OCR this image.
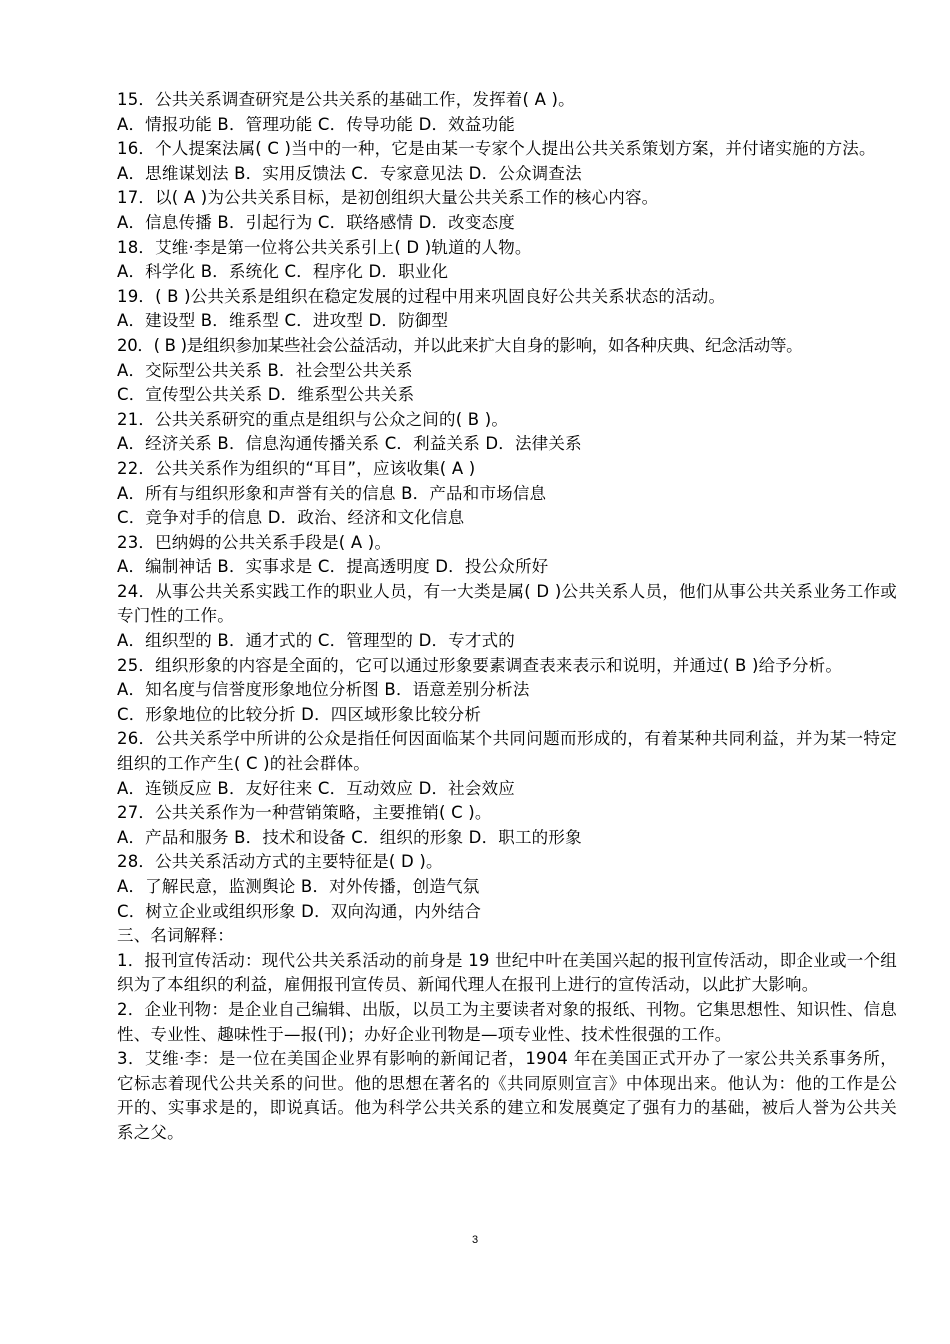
15．公共关系调查研究是公共关系的基础工作，发挥着( A )。
A．情报功能 B．管理功能 C．传导功能 D．效益功能
16．个人提案法属( C )当中的一种，它是由某一专家个人提出公共关系策划方案，并付诸实施的方法。
A．思维谋划法 B．实用反馈法 C．专家意见法 D．公众调查法
17．以( A )为公共关系目标，是初创组织大量公共关系工作的核心内容。
A．信息传播 B．引起行为 C．联络感情 D．改变态度
18．艾维·李是第一位将公共关系引上( D )轨道的人物。
A．科学化 B．系统化 C．程序化 D．职业化
19．( B )公共关系是组织在稳定发展的过程中用来巩固良好公共关系状态的活动。
A．建设型 B．维系型 C．进攻型 D．防御型
20．( B )是组织参加某些社会公益活动，并以此来扩大自身的影响，如各种庆典、纪念活动等。
A．交际型公共关系 B．社会型公共关系
C．宣传型公共关系 D．维系型公共关系
21．公共关系研究的重点是组织与公众之间的( B )。
A．经济关系 B．信息沟通传播关系 C．利益关系 D．法律关系
22．公共关系作为组织的“耳目”，应该收集( A )
A．所有与组织形象和声誉有关的信息 B．产品和市场信息
C．竞争对手的信息 D．政治、经济和文化信息
23．巴纳姆的公共关系手段是( A )。
A．编制神话 B．实事求是 C．提高透明度 D．投公众所好
24．从事公共关系实践工作的职业人员，有一大类是属( D )公共关系人员，他们从事公共关系业务工作或专门性的工作。
A．组织型的 B．通才式的 C．管理型的 D．专才式的
25．组织形象的内容是全面的，它可以通过形象要素调查表来表示和说明，并通过( B )给予分析。
A．知名度与信誉度形象地位分析图 B．语意差别分析法
C．形象地位的比较分折 D．四区域形象比较分析
26．公共关系学中所讲的公众是指任何因面临某个共同问题而形成的，有着某种共同利益，并为某一特定组织的工作产生( C )的社会群体。
A．连锁反应 B．友好往来 C．互动效应 D．社会效应
27．公共关系作为一种营销策略，主要推销( C )。
A．产品和服务 B．技术和设备 C．组织的形象 D．职工的形象
28．公共关系活动方式的主要特征是( D )。
A．了解民意，监测舆论 B．对外传播，创造气氛
C．树立企业或组织形象 D．双向沟通，内外结合
三、名词解释：
1．报刊宣传活动：现代公共关系活动的前身是 19 世纪中叶在美国兴起的报刊宣传活动，即企业或一个组织为了本组织的利益，雇佣报刊宣传员、新闻代理人在报刊上进行的宣传活动，以此扩大影响。
2．企业刊物：是企业自己编辑、出版，以员工为主要读者对象的报纸、刊物。它集思想性、知识性、信息性、专业性、趣味性于—报(刊)；办好企业刊物是—项专业性、技术性很强的工作。
3．艾维·李：是一位在美国企业界有影响的新闻记者，1904 年在美国正式开办了一家公共关系事务所，它标志着现代公共关系的问世。他的思想在著名的《共同原则宣言》中体现出来。他认为：他的工作是公开的、实事求是的，即说真话。他为科学公共关系的建立和发展奠定了强有力的基础，被后人誉为公共关系之父。
3
